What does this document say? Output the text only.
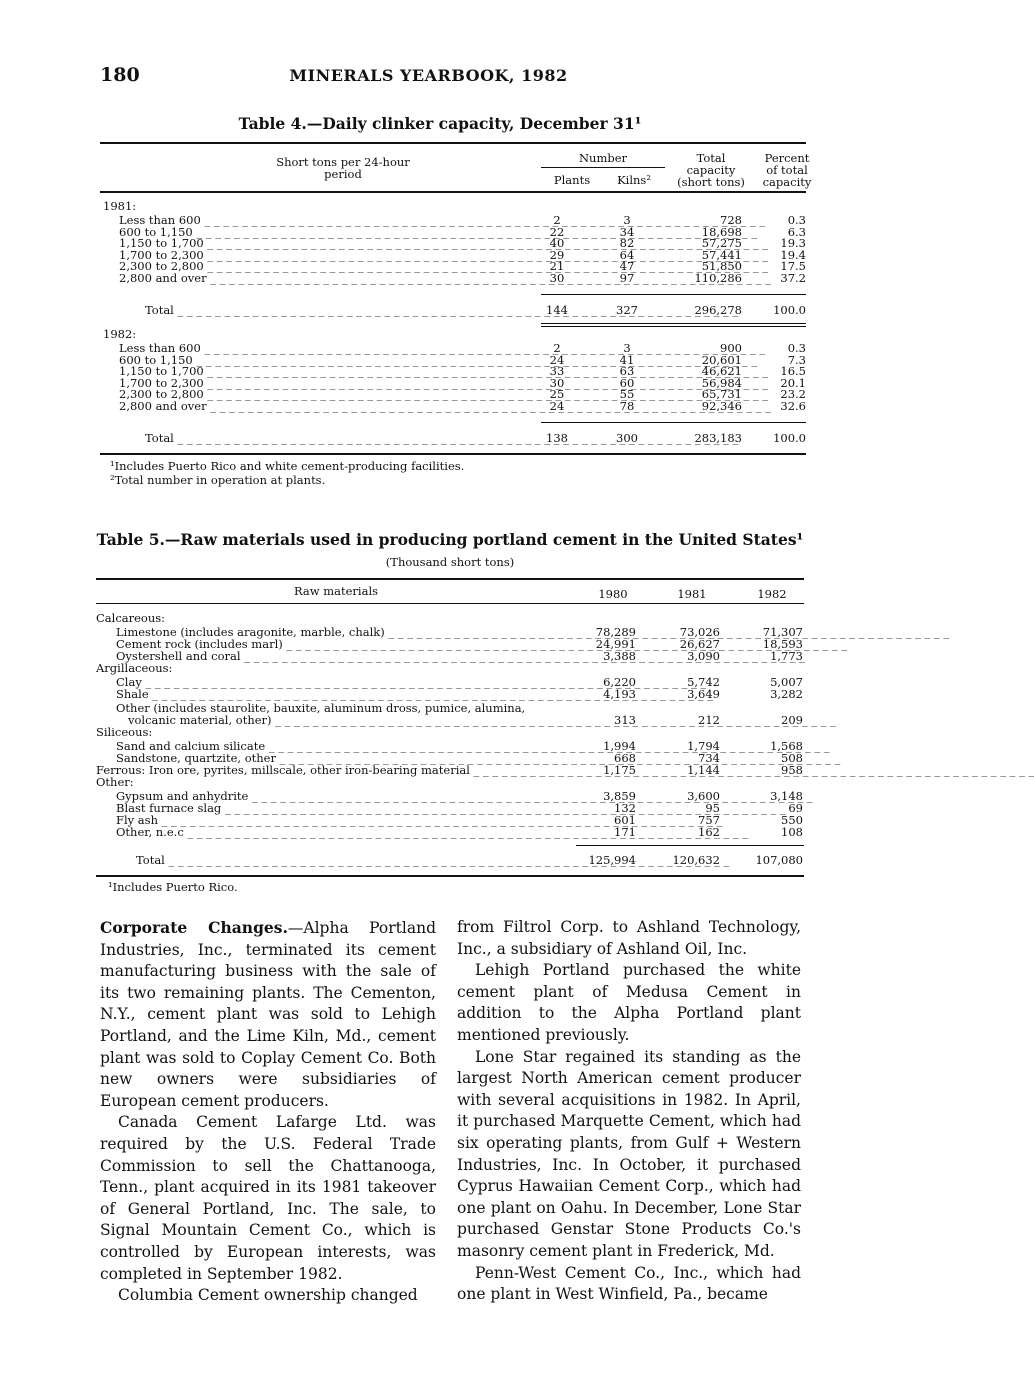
180	MINERALS YEARBOOK, 1982
Table 4.—Daily clinker capacity, December 31¹
Short tons per 24-hour period
Number
Plants	Kilns²
Total capacity (short tons)
Percent of total capacity
1981:
Less than 600 _ _ _	2	3	728	0.3
600 to 1,150 _ _ _	22	34	18,698	6.3
1,150 to 1,700 _ _ _	40	82	57,275	19.3
1,700 to 2,300 _ _ _	29	64	57,441	19.4
2,300 to 2,800 _ _ _	21	47	51,850	17.5
2,800 and over _ _ _	30	97	110,286	37.2
Total _ _ _	144	327	296,278	100.0
1982:
Less than 600 _ _ _	2	3	900	0.3
600 to 1,150 _ _ _	24	41	20,601	7.3
1,150 to 1,700 _ _ _	33	63	46,621	16.5
1,700 to 2,300 _ _ _	30	60	56,984	20.1
2,300 to 2,800 _ _ _	25	55	65,731	23.2
2,800 and over _ _ _	24	78	92,346	32.6
Total _ _ _	138	300	283,183	100.0
¹Includes Puerto Rico and white cement-producing facilities.
²Total number in operation at plants.
Table 5.—Raw materials used in producing portland cement in the United States¹
(Thousand short tons)
Raw materials	1980	1981	1982
Calcareous:
Limestone (includes aragonite, marble, chalk) _ _ _	78,289	73,026	71,307
Cement rock (includes marl) _ _ _	24,991	26,627	18,593
Oystershell and coral _ _ _	3,388	3,090	1,773
Argillaceous:
Clay _ _ _	6,220	5,742	5,007
Shale _ _ _	4,193	3,649	3,282
Other (includes staurolite, bauxite, aluminum dross, pumice, alumina,
volcanic material, other) _ _ _	313	212	209
Siliceous:
Sand and calcium silicate _ _ _	1,994	1,794	1,568
Sandstone, quartzite, other _ _ _	668	734	508
Ferrous: Iron ore, pyrites, millscale, other iron-bearing material _ _ _	1,175	1,144	958
Other:
Gypsum and anhydrite _ _ _	3,859	3,600	3,148
Blast furnace slag _ _ _	132	95	69
Fly ash _ _ _	601	757	550
Other, n.e.c _ _ _	171	162	108
Total _ _ _	125,994	120,632	107,080
¹Includes Puerto Rico.

Corporate Changes.—Alpha Portland Industries, Inc., terminated its cement manufacturing business with the sale of its two remaining plants. The Cementon, N.Y., cement plant was sold to Lehigh Portland, and the Lime Kiln, Md., cement plant was sold to Coplay Cement Co. Both new owners were subsidiaries of European cement producers.

Canada Cement Lafarge Ltd. was required by the U.S. Federal Trade Commission to sell the Chattanooga, Tenn., plant acquired in its 1981 takeover of General Portland, Inc. The sale, to Signal Mountain Cement Co., which is controlled by European interests, was completed in September 1982.

Columbia Cement ownership changed

from Filtrol Corp. to Ashland Technology, Inc., a subsidiary of Ashland Oil, Inc.

Lehigh Portland purchased the white cement plant of Medusa Cement in addition to the Alpha Portland plant mentioned previously.

Lone Star regained its standing as the largest North American cement producer with several acquisitions in 1982. In April, it purchased Marquette Cement, which had six operating plants, from Gulf + Western Industries, Inc. In October, it purchased Cyprus Hawaiian Cement Corp., which had one plant on Oahu. In December, Lone Star purchased Genstar Stone Products Co.'s masonry cement plant in Frederick, Md.

Penn-West Cement Co., Inc., which had one plant in West Winfield, Pa., became
